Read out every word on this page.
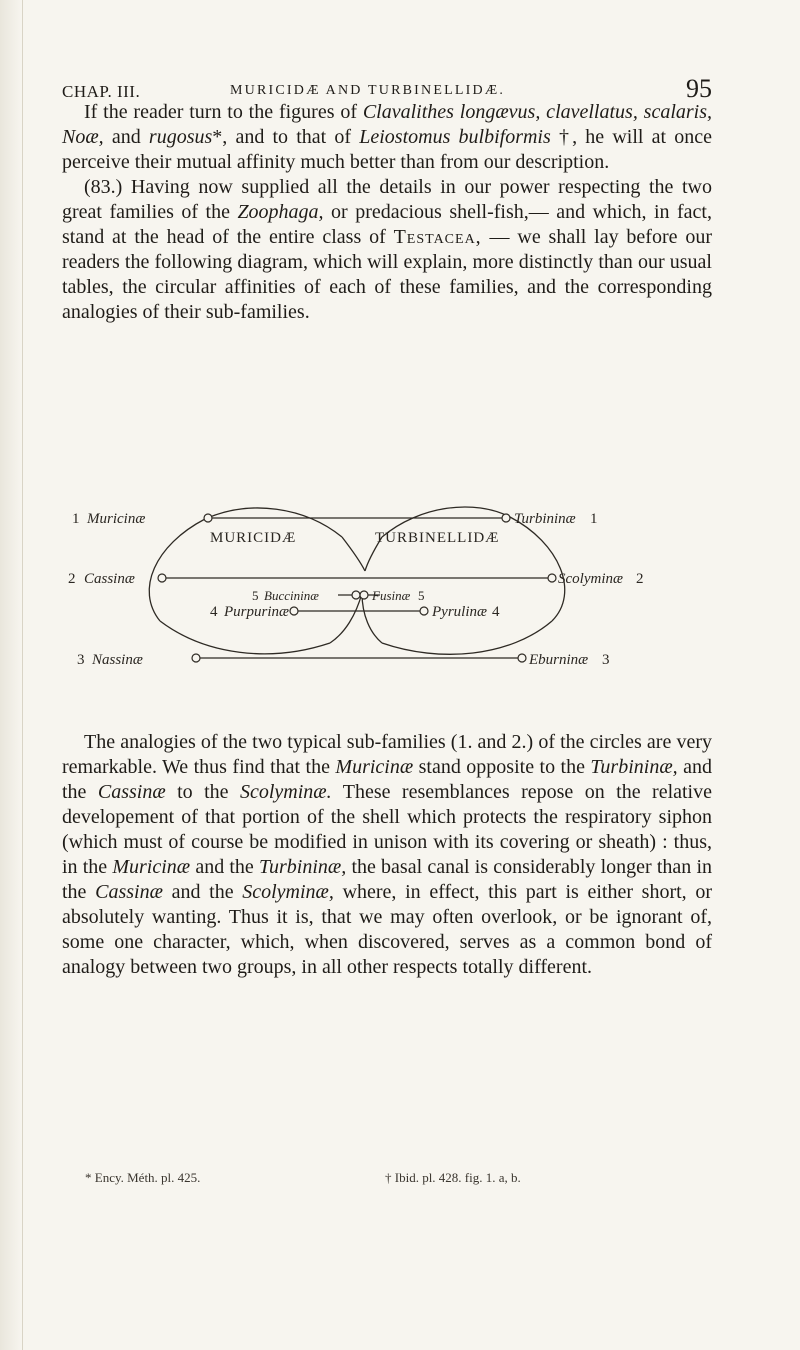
CHAP. III.	MURICIDÆ AND TURBINELLIDÆ.	95

If the reader turn to the figures of Clavalithes longævus, clavellatus, scalaris, Noæ, and rugosus*, and to that of Leiostomus bulbiformis †, he will at once perceive their mutual affinity much better than from our description.

(83.) Having now supplied all the details in our power respecting the two great families of the Zoophaga, or predacious shell-fish,— and which, in fact, stand at the head of the entire class of Testacea, — we shall lay before our readers the following diagram, which will explain, more distinctly than our usual tables, the circular affinities of each of these families, and the corresponding analogies of their sub-families.

MURICIDÆ	TURBINELLIDÆ
1 Muricinæ
2 Cassinæ
3 Nassinæ
4 Purpurinæ
5 Buccininæ
Turbininæ 1
Scolyminæ 2
Eburninæ 3
Pyrulinæ 4
Fusinæ 5

The analogies of the two typical sub-families (1. and 2.) of the circles are very remarkable. We thus find that the Muricinæ stand opposite to the Turbininæ, and the Cassinæ to the Scolyminæ. These resemblances repose on the relative developement of that portion of the shell which protects the respiratory siphon (which must of course be modified in unison with its covering or sheath) : thus, in the Muricinæ and the Turbininæ, the basal canal is considerably longer than in the Cassinæ and the Scolyminæ, where, in effect, this part is either short, or absolutely wanting. Thus it is, that we may often overlook, or be ignorant of, some one character, which, when discovered, serves as a common bond of analogy between two groups, in all other respects totally different.

* Ency. Méth. pl. 425.	† Ibid. pl. 428. fig. 1. a, b.
